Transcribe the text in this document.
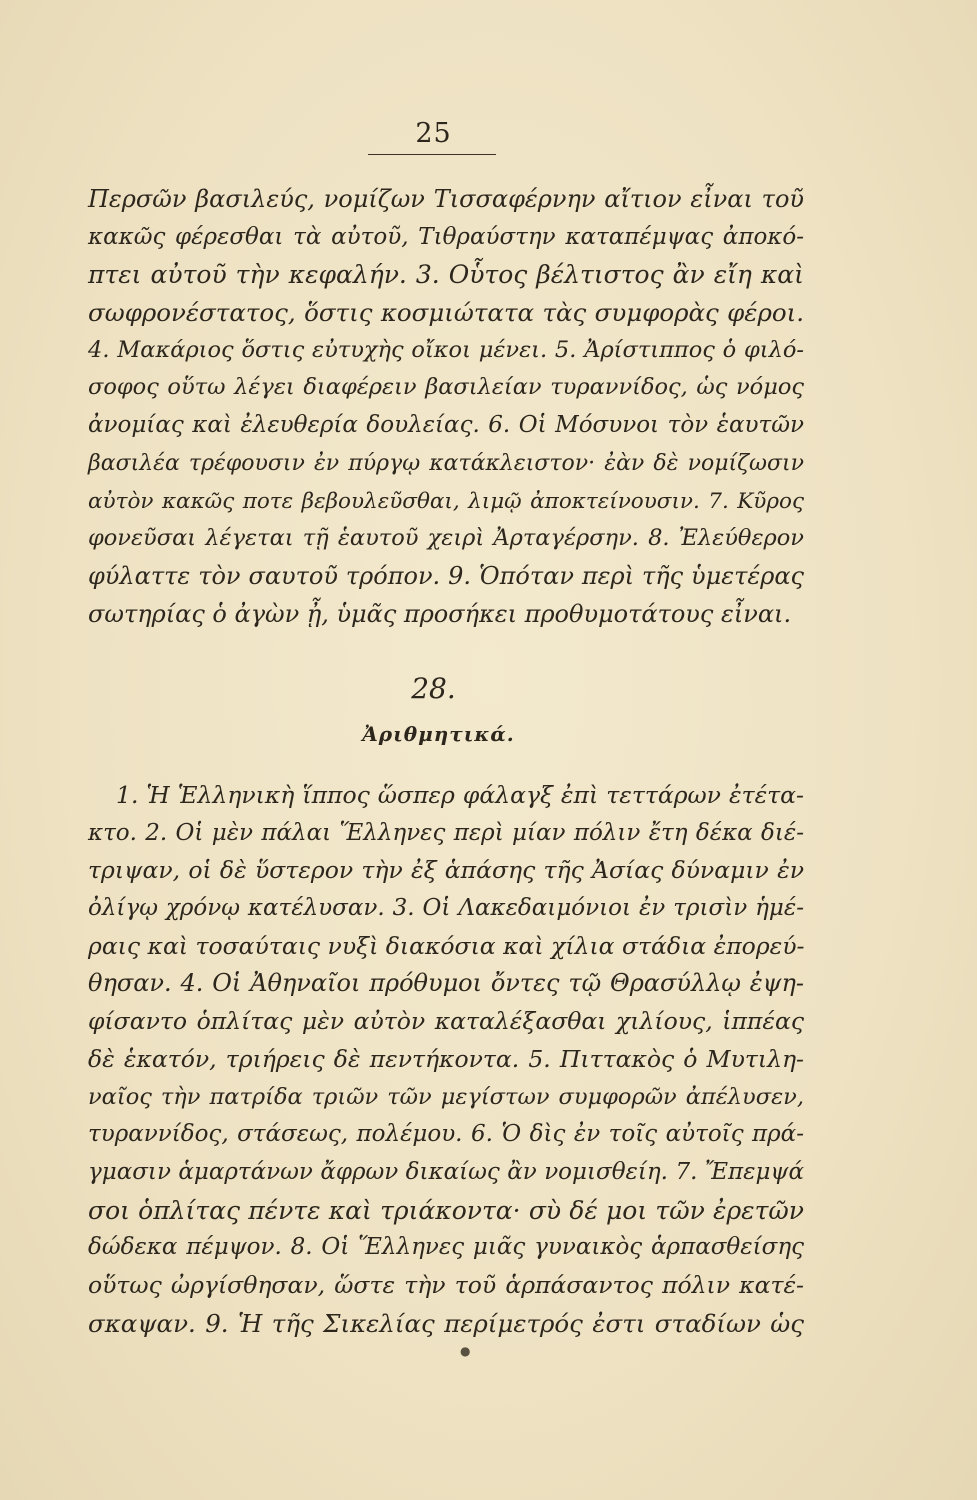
25
Περσῶν βασιλεύς, νομίζων Τισσαφέρνην αἴτιον εἶναι τοῦ
κακῶς φέρεσθαι τὰ αὐτοῦ, Τιθραύστην καταπέμψας ἀποκό-
πτει αὐτοῦ τὴν κεφαλήν. 3. Οὗτος βέλτιστος ἂν εἴη καὶ
σωφρονέστατος, ὅστις κοσμιώτατα τὰς συμφορὰς φέροι.
4. Μακάριος ὅστις εὐτυχὴς οἴκοι μένει. 5. Ἀρίστιππος ὁ φιλό-
σοφος οὕτω λέγει διαφέρειν βασιλείαν τυραννίδος, ὡς νόμος
ἀνομίας καὶ ἐλευθερία δουλείας. 6. Οἱ Μόσυνοι τὸν ἑαυτῶν
βασιλέα τρέφουσιν ἐν πύργῳ κατάκλειστον· ἐὰν δὲ νομίζωσιν
αὐτὸν κακῶς ποτε βεβουλεῦσθαι, λιμῷ ἀποκτείνουσιν. 7. Κῦρος
φονεῦσαι λέγεται τῇ ἑαυτοῦ χειρὶ Ἀρταγέρσην. 8. Ἐλεύθερον
φύλαττε τὸν σαυτοῦ τρόπον. 9. Ὁπόταν περὶ τῆς ὑμετέρας
σωτηρίας ὁ ἀγὼν ᾖ, ὑμᾶς προσήκει προθυμοτάτους εἶναι.
28.
Ἀριθμητικά.
1. Ἡ Ἑλληνικὴ ἵππος ὥσπερ φάλαγξ ἐπὶ τεττάρων ἐτέτα-
κτο. 2. Οἱ μὲν πάλαι Ἕλληνες περὶ μίαν πόλιν ἔτη δέκα διέ-
τριψαν, οἱ δὲ ὕστερον τὴν ἐξ ἁπάσης τῆς Ἀσίας δύναμιν ἐν
ὀλίγῳ χρόνῳ κατέλυσαν. 3. Οἱ Λακεδαιμόνιοι ἐν τρισὶν ἡμέ-
ραις καὶ τοσαύταις νυξὶ διακόσια καὶ χίλια στάδια ἐπορεύ-
θησαν. 4. Οἱ Ἀθηναῖοι πρόθυμοι ὄντες τῷ Θρασύλλῳ ἐψη-
φίσαντο ὁπλίτας μὲν αὐτὸν καταλέξασθαι χιλίους, ἱππέας
δὲ ἑκατόν, τριήρεις δὲ πεντήκοντα. 5. Πιττακὸς ὁ Μυτιλη-
ναῖος τὴν πατρίδα τριῶν τῶν μεγίστων συμφορῶν ἀπέλυσεν,
τυραννίδος, στάσεως, πολέμου. 6. Ὁ δὶς ἐν τοῖς αὐτοῖς πρά-
γμασιν ἁμαρτάνων ἄφρων δικαίως ἂν νομισθείη. 7. Ἔπεμψά
σοι ὁπλίτας πέντε καὶ τριάκοντα· σὺ δέ μοι τῶν ἐρετῶν
δώδεκα πέμψον. 8. Οἱ Ἕλληνες μιᾶς γυναικὸς ἁρπασθείσης
οὕτως ὠργίσθησαν, ὥστε τὴν τοῦ ἁρπάσαντος πόλιν κατέ-
σκαψαν. 9. Ἡ τῆς Σικελίας περίμετρός ἐστι σταδίων ὡς
●
